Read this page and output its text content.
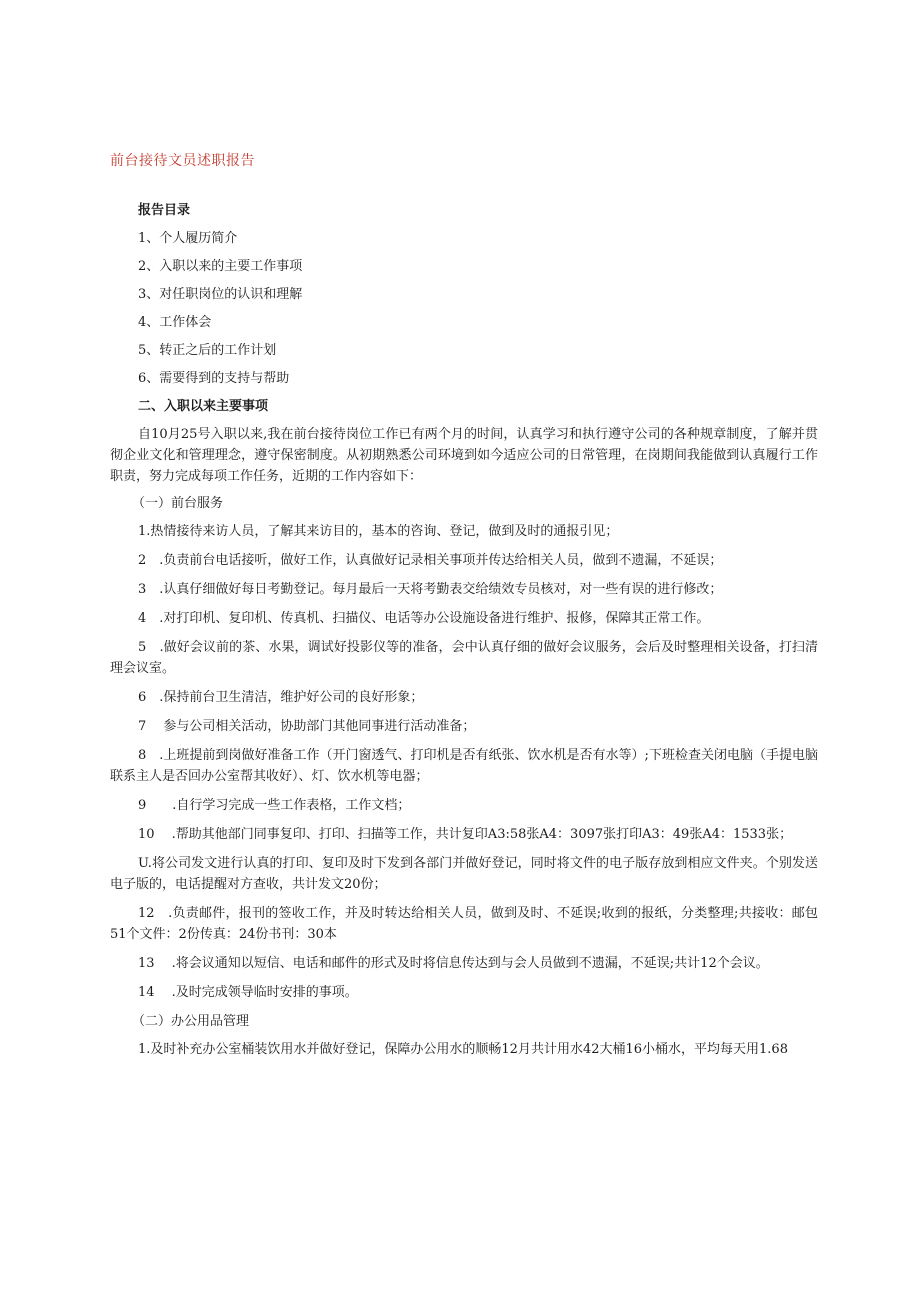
前台接待文员述职报告
报告目录
1、个人履历简介
2、入职以来的主要工作事项
3、对任职岗位的认识和理解
4、工作体会
5、转正之后的工作计划
6、需要得到的支持与帮助
二、入职以来主要事项

自10月25号入职以来,我在前台接待岗位工作已有两个月的时间，认真学习和执行遵守公司的各种规章制度，了解并贯彻企业文化和管理理念，遵守保密制度。从初期熟悉公司环境到如今适应公司的日常管理，在岗期间我能做到认真履行工作职责，努力完成每项工作任务，近期的工作内容如下：

（一）前台服务

1.热情接待来访人员，了解其来访目的，基本的咨询、登记，做到及时的通报引见；

2　.负责前台电话接听，做好工作，认真做好记录相关事项并传达给相关人员，做到不遗漏，不延误；

3　.认真仔细做好每日考勤登记。每月最后一天将考勤表交给绩效专员核对，对一些有误的进行修改；

4　.对打印机、复印机、传真机、扫描仪、电话等办公设施设备进行维护、报修，保障其正常工作。

5　.做好会议前的茶、水果，调试好投影仪等的准备，会中认真仔细的做好会议服务，会后及时整理相关设备，打扫清理会议室。

6　.保持前台卫生清洁，维护好公司的良好形象；

7　 参与公司相关活动，协助部门其他同事进行活动准备；

8　.上班提前到岗做好准备工作（开门窗透气、打印机是否有纸张、饮水机是否有水等）;下班检查关闭电脑（手提电脑联系主人是否回办公室帮其收好）、灯、饮水机等电器；

9　　.自行学习完成一些工作表格，工作文档；

10　 .帮助其他部门同事复印、打印、扫描等工作，共计复印A3:58张A4：3097张打印A3：49张A4：1533张；

U.将公司发文进行认真的打印、复印及时下发到各部门并做好登记，同时将文件的电子版存放到相应文件夹。个别发送电子版的，电话提醒对方查收，共计发文20份；

12　.负责邮件，报刊的签收工作，并及时转达给相关人员，做到及时、不延误;收到的报纸，分类整理;共接收：邮包51个文件：2份传真：24份书刊：30本

13　 .将会议通知以短信、电话和邮件的形式及时将信息传达到与会人员做到不遗漏，不延误;共计12个会议。

14　 .及时完成领导临时安排的事项。

（二）办公用品管理

1.及时补充办公室桶装饮用水并做好登记，保障办公用水的顺畅12月共计用水42大桶16小桶水，平均每天用1.68
